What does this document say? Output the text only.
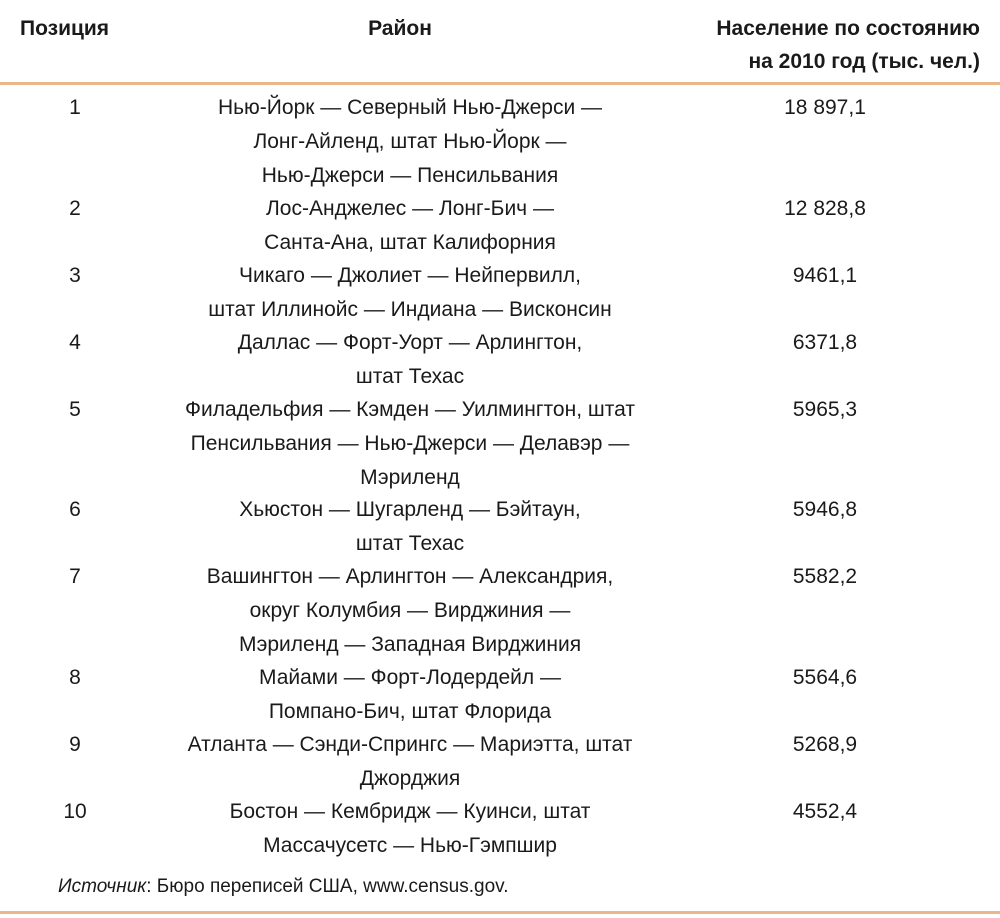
Позиция	Район	Население по состоянию
на 2010 год (тыс. чел.)
1	Нью-Йорк — Северный Нью-Джерси —
Лонг-Айленд, штат Нью-Йорк —
Нью-Джерси — Пенсильвания
18 897,1
2	Лос-Анджелес — Лонг-Бич —
Санта-Ана, штат Калифорния
12 828,8
3	Чикаго — Джолиет — Нейпервилл,
штат Иллинойс — Индиана — Висконсин
9461,1
4	Даллас — Форт-Уорт — Арлингтон,
штат Техас
6371,8
5	Филадельфия — Кэмден — Уилмингтон, штат
Пенсильвания — Нью-Джерси — Делавэр —
Мэриленд
5965,3
6	Хьюстон — Шугарленд — Бэйтаун,
штат Техас
5946,8
7	Вашингтон — Арлингтон — Александрия,
округ Колумбия — Вирджиния —
Мэриленд — Западная Вирджиния
5582,2
8	Майами — Форт-Лодердейл —
Помпано-Бич, штат Флорида
5564,6
9	Атланта — Сэнди-Спрингс — Мариэтта, штат
Джорджия
5268,9
10	Бостон — Кембридж — Куинси, штат
Массачусетс — Нью-Гэмпшир
4552,4
Источник: Бюро переписей США, www.census.gov.
